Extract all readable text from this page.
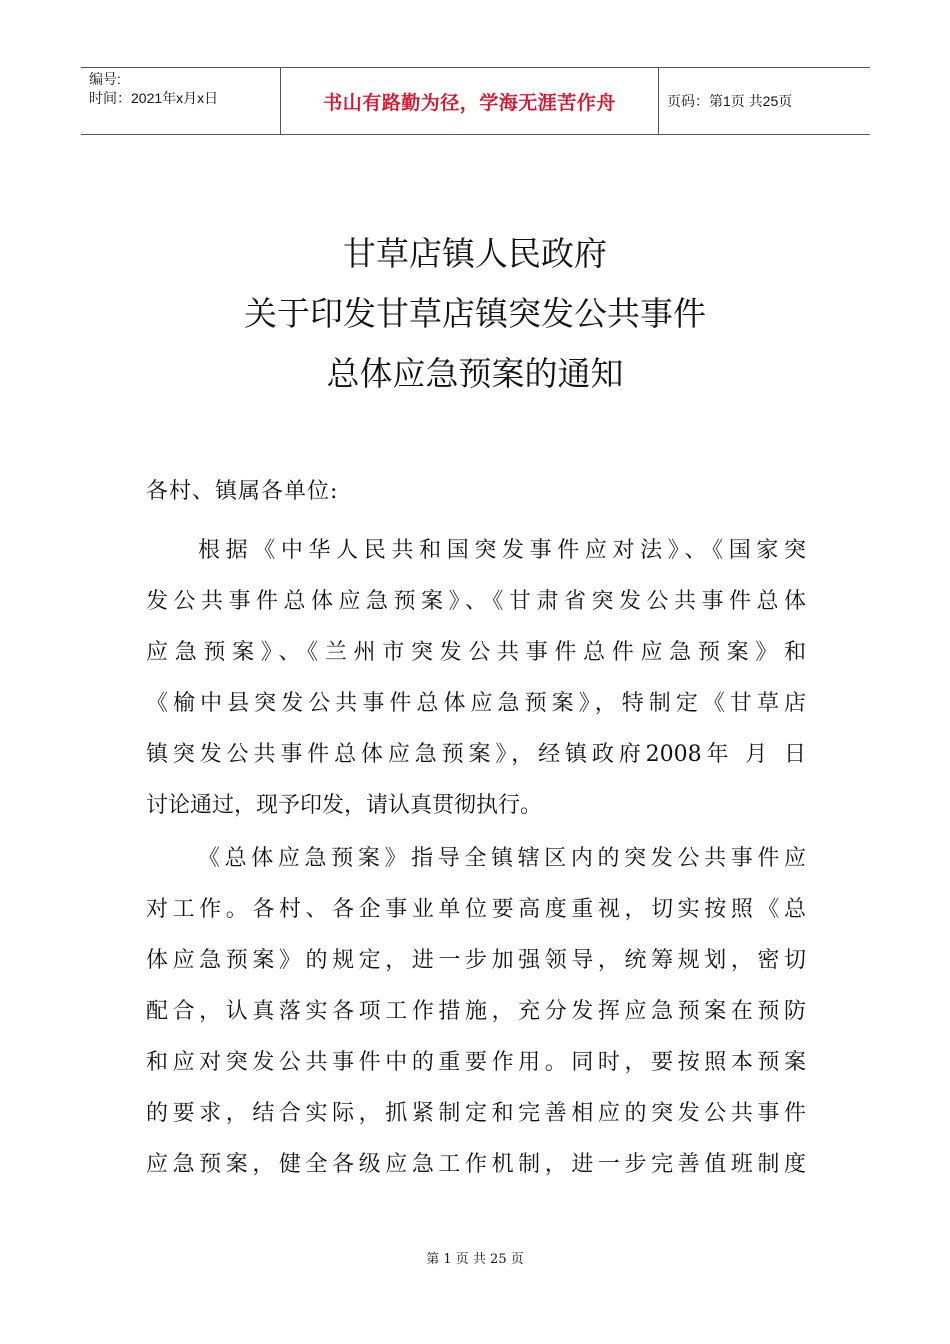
编号:
时间：2021年x月x日	书山有路勤为径，学海无涯苦作舟	页码：第1页 共25页
甘草店镇人民政府
关于印发甘草店镇突发公共事件
总体应急预案的通知
各村、镇属各单位:
根据《中华人民共和国突发事件应对法》、《国家突
发公共事件总体应急预案》、《甘肃省突发公共事件总体
应急预案》、《兰州市突发公共事件总件应急预案》和
《榆中县突发公共事件总体应急预案》，特制定《甘草店
镇突发公共事件总体应急预案》，经镇政府2008年 月 日
讨论通过，现予印发，请认真贯彻执行。
《总体应急预案》指导全镇辖区内的突发公共事件应
对工作。各村、各企事业单位要高度重视，切实按照《总
体应急预案》的规定，进一步加强领导，统筹规划，密切
配合，认真落实各项工作措施，充分发挥应急预案在预防
和应对突发公共事件中的重要作用。同时，要按照本预案
的要求，结合实际，抓紧制定和完善相应的突发公共事件
应急预案，健全各级应急工作机制，进一步完善值班制度
第 1 页 共 25 页
